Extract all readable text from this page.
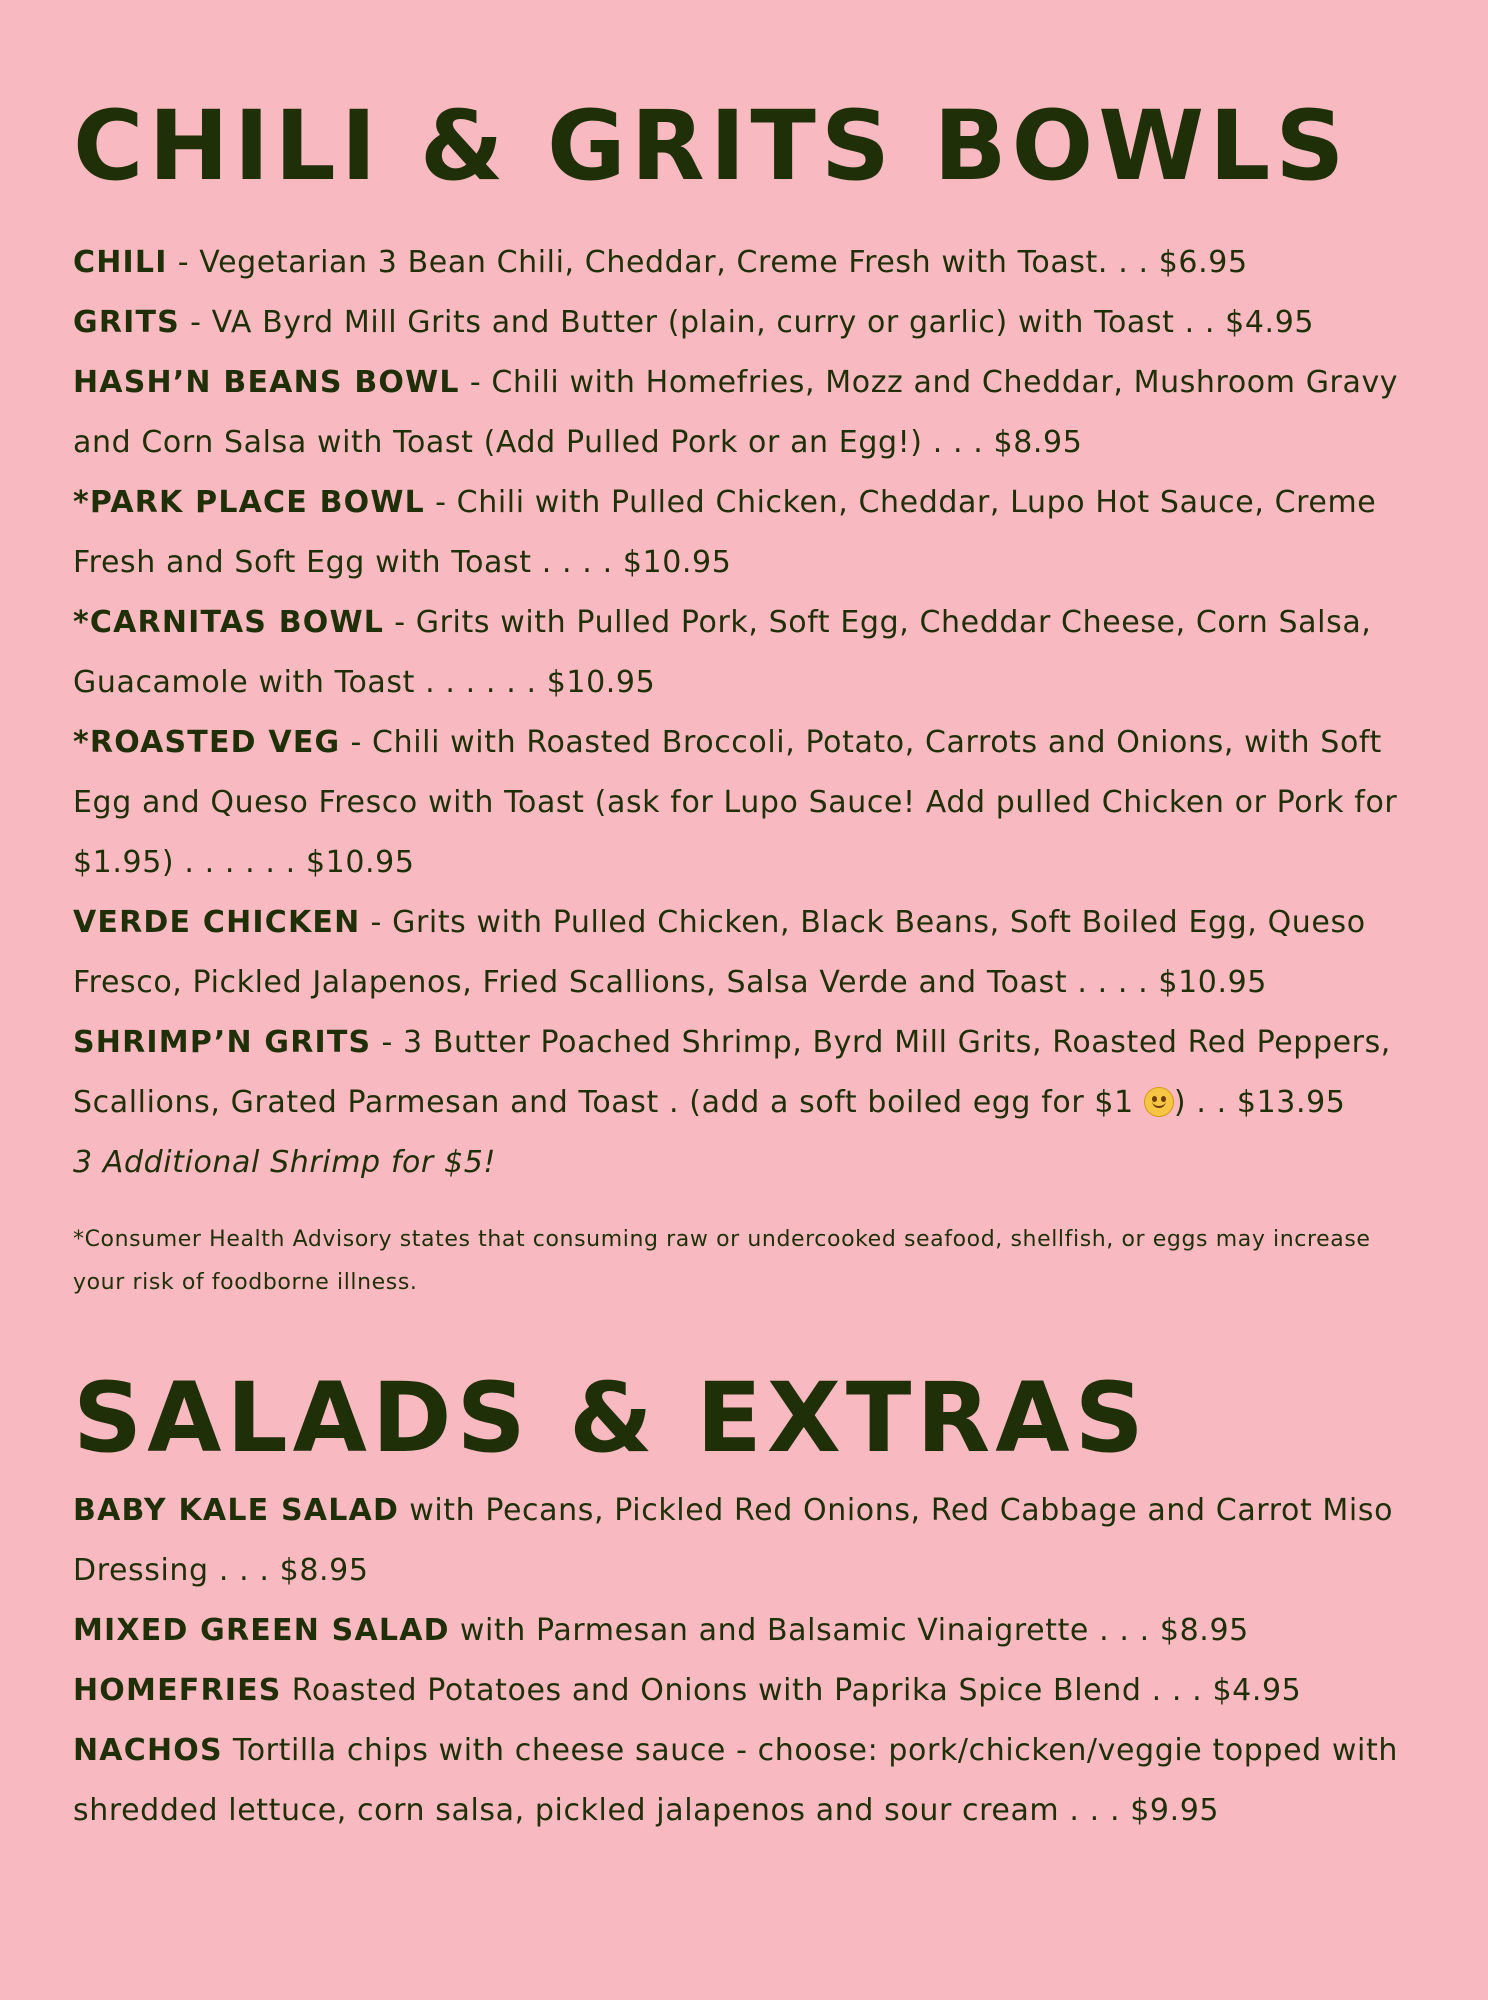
CHILI & GRITS BOWLS

CHILI - Vegetarian 3 Bean Chili, Cheddar, Creme Fresh with Toast. . . $6.95

GRITS - VA Byrd Mill Grits and Butter (plain, curry or garlic) with Toast . . $4.95

HASH’N BEANS BOWL - Chili with Homefries, Mozz and Cheddar, Mushroom Gravy and Corn Salsa with Toast (Add Pulled Pork or an Egg!) . . . $8.95

*PARK PLACE BOWL - Chili with Pulled Chicken, Cheddar, Lupo Hot Sauce, Creme Fresh and Soft Egg with Toast . . . . $10.95

*CARNITAS BOWL - Grits with Pulled Pork, Soft Egg, Cheddar Cheese, Corn Salsa, Guacamole with Toast . . . . . . $10.95

*ROASTED VEG - Chili with Roasted Broccoli, Potato, Carrots and Onions, with Soft Egg and Queso Fresco with Toast (ask for Lupo Sauce! Add pulled Chicken or Pork for $1.95) . . . . . . $10.95

VERDE CHICKEN - Grits with Pulled Chicken, Black Beans, Soft Boiled Egg, Queso Fresco, Pickled Jalapenos, Fried Scallions, Salsa Verde and Toast . . . . $10.95

SHRIMP’N GRITS - 3 Butter Poached Shrimp, Byrd Mill Grits, Roasted Red Peppers, Scallions, Grated Parmesan and Toast . (add a soft boiled egg for $1
) . . $13.95

3 Additional Shrimp for $5!

*Consumer Health Advisory states that consuming raw or undercooked seafood, shellfish, or eggs may increase your risk of foodborne illness.
SALADS & EXTRAS

BABY KALE SALAD with Pecans, Pickled Red Onions, Red Cabbage and Carrot Miso Dressing . . . $8.95

MIXED GREEN SALAD with Parmesan and Balsamic Vinaigrette . . . $8.95

HOMEFRIES Roasted Potatoes and Onions with Paprika Spice Blend . . . $4.95

NACHOS Tortilla chips with cheese sauce - choose: pork/chicken/veggie topped with shredded lettuce, corn salsa, pickled jalapenos and sour cream . . . $9.95
